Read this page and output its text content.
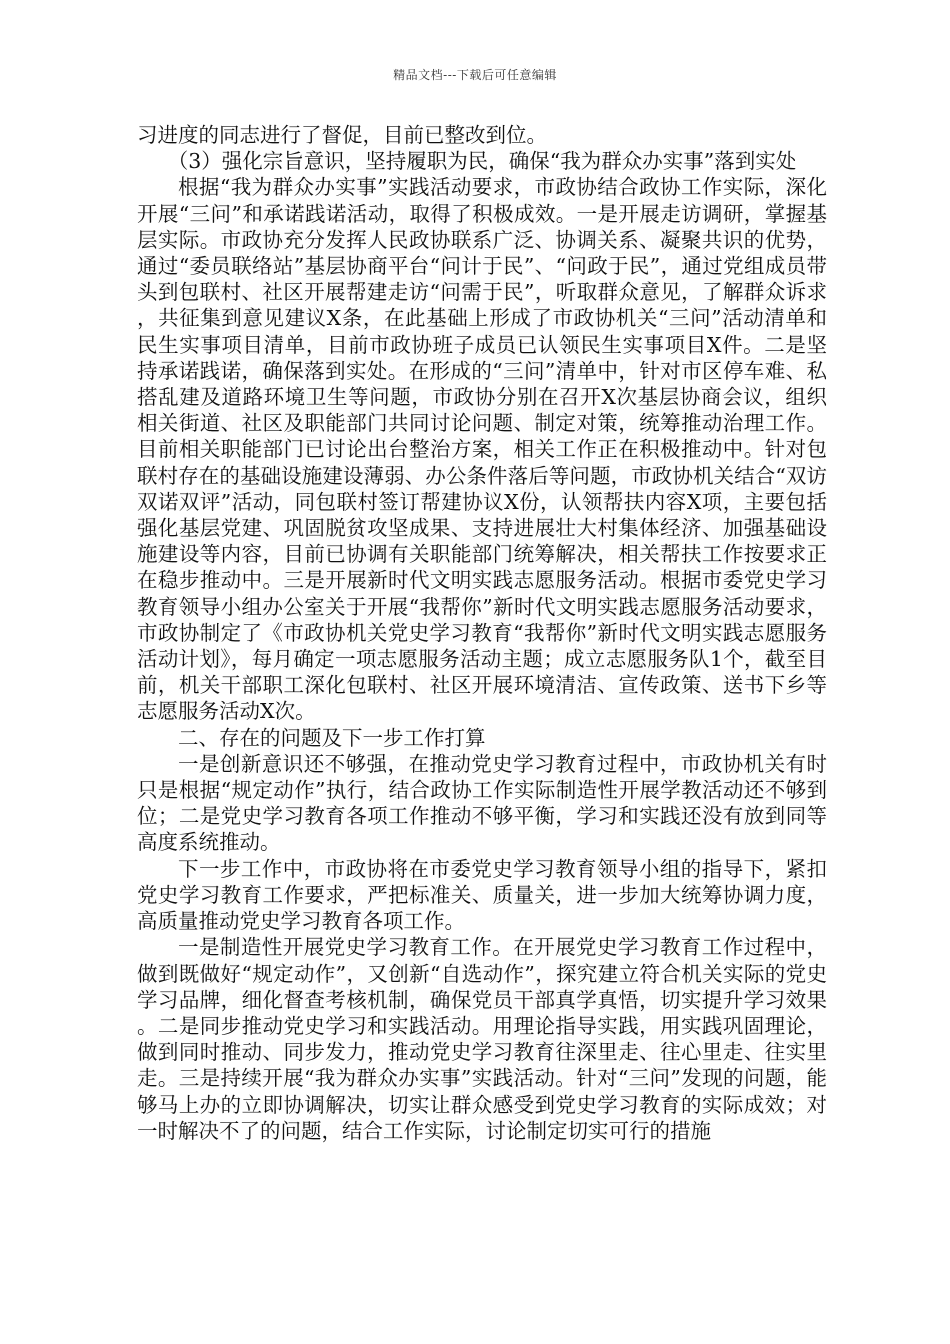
精品文档---下载后可任意编辑

习进度的同志进行了督促，目前已整改到位。

（3）强化宗旨意识，坚持履职为民，确保“我为群众办实事”落到实处

根据“我为群众办实事”实践活动要求，市政协结合政协工作实际，深化开展“三问”和承诺践诺活动，取得了积极成效。一是开展走访调研，掌握基层实际。市政协充分发挥人民政协联系广泛、协调关系、凝聚共识的优势，通过“委员联络站”基层协商平台“问计于民”、“问政于民”，通过党组成员带头到包联村、社区开展帮建走访“问需于民”，听取群众意见，了解群众诉求，共征集到意见建议X条，在此基础上形成了市政协机关“三问”活动清单和民生实事项目清单，目前市政协班子成员已认领民生实事项目X件。二是坚持承诺践诺，确保落到实处。在形成的“三问”清单中，针对市区停车难、私搭乱建及道路环境卫生等问题，市政协分别在召开X次基层协商会议，组织相关街道、社区及职能部门共同讨论问题、制定对策，统筹推动治理工作。目前相关职能部门已讨论出台整治方案，相关工作正在积极推动中。针对包联村存在的基础设施建设薄弱、办公条件落后等问题，市政协机关结合“双访双诺双评”活动，同包联村签订帮建协议X份，认领帮扶内容X项，主要包括强化基层党建、巩固脱贫攻坚成果、支持进展壮大村集体经济、加强基础设施建设等内容，目前已协调有关职能部门统筹解决，相关帮扶工作按要求正在稳步推动中。三是开展新时代文明实践志愿服务活动。根据市委党史学习教育领导小组办公室关于开展“我帮你”新时代文明实践志愿服务活动要求，市政协制定了《市政协机关党史学习教育“我帮你”新时代文明实践志愿服务活动计划》，每月确定一项志愿服务活动主题；成立志愿服务队1个，截至目前，机关干部职工深化包联村、社区开展环境清洁、宣传政策、送书下乡等志愿服务活动X次。

二、存在的问题及下一步工作打算

一是创新意识还不够强，在推动党史学习教育过程中，市政协机关有时只是根据“规定动作”执行，结合政协工作实际制造性开展学教活动还不够到位；二是党史学习教育各项工作推动不够平衡，学习和实践还没有放到同等高度系统推动。

下一步工作中，市政协将在市委党史学习教育领导小组的指导下，紧扣党史学习教育工作要求，严把标准关、质量关，进一步加大统筹协调力度，高质量推动党史学习教育各项工作。

一是制造性开展党史学习教育工作。在开展党史学习教育工作过程中，做到既做好“规定动作”，又创新“自选动作”，探究建立符合机关实际的党史学习品牌，细化督查考核机制，确保党员干部真学真悟，切实提升学习效果。二是同步推动党史学习和实践活动。用理论指导实践，用实践巩固理论，做到同时推动、同步发力，推动党史学习教育往深里走、往心里走、往实里走。三是持续开展“我为群众办实事”实践活动。针对“三问”发现的问题，能够马上办的立即协调解决，切实让群众感受到党史学习教育的实际成效；对一时解决不了的问题，结合工作实际，讨论制定切实可行的措施
